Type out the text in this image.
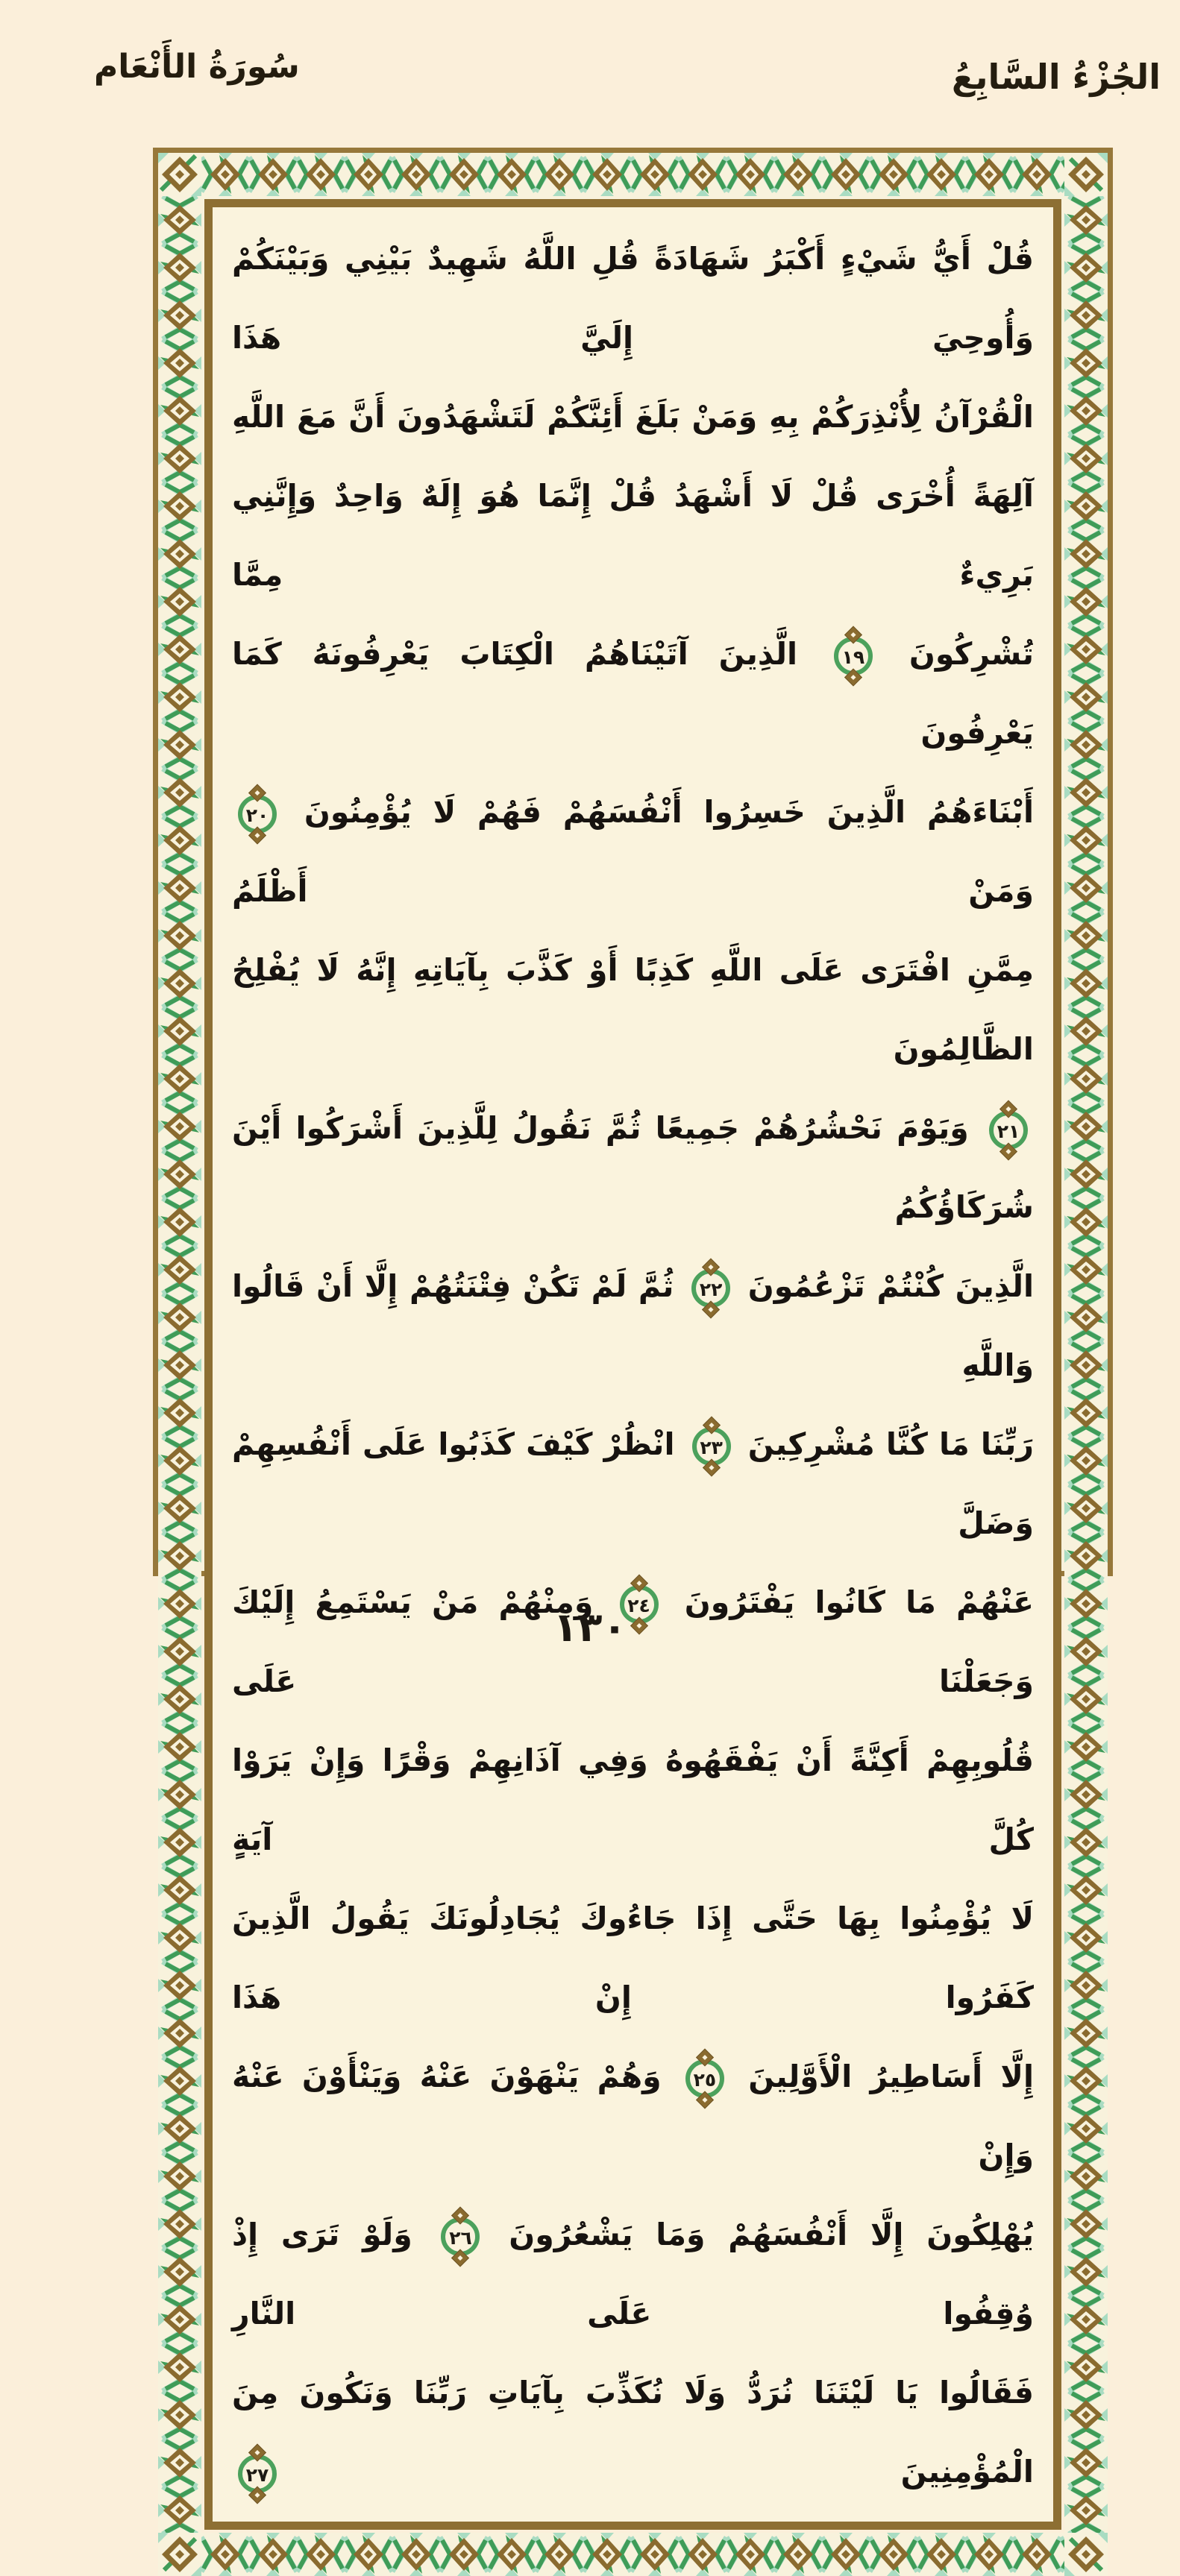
سُورَةُ الأَنْعَام	الجُزْءُ السَّابِعُ
قُلْ أَيُّ شَيْءٍ أَكْبَرُ شَهَادَةً قُلِ اللَّهُ شَهِيدٌ بَيْنِي وَبَيْنَكُمْ وَأُوحِيَ إِلَيَّ هَذَا
الْقُرْآنُ لِأُنْذِرَكُمْ بِهِ وَمَنْ بَلَغَ أَئِنَّكُمْ لَتَشْهَدُونَ أَنَّ مَعَ اللَّهِ
آلِهَةً أُخْرَى قُلْ لَا أَشْهَدُ قُلْ إِنَّمَا هُوَ إِلَهٌ وَاحِدٌ وَإِنَّنِي بَرِيءٌ مِمَّا
تُشْرِكُونَ
١٩
الَّذِينَ آتَيْنَاهُمُ الْكِتَابَ يَعْرِفُونَهُ كَمَا يَعْرِفُونَ
أَبْنَاءَهُمُ الَّذِينَ خَسِرُوا أَنْفُسَهُمْ فَهُمْ لَا يُؤْمِنُونَ
٢٠
وَمَنْ أَظْلَمُ
مِمَّنِ افْتَرَى عَلَى اللَّهِ كَذِبًا أَوْ كَذَّبَ بِآيَاتِهِ إِنَّهُ لَا يُفْلِحُ الظَّالِمُونَ
٢١
وَيَوْمَ نَحْشُرُهُمْ جَمِيعًا ثُمَّ نَقُولُ لِلَّذِينَ أَشْرَكُوا أَيْنَ شُرَكَاؤُكُمُ
الَّذِينَ كُنْتُمْ تَزْعُمُونَ
٢٢
ثُمَّ لَمْ تَكُنْ فِتْنَتُهُمْ إِلَّا أَنْ قَالُوا وَاللَّهِ
رَبِّنَا مَا كُنَّا مُشْرِكِينَ
٢٣
انْظُرْ كَيْفَ كَذَبُوا عَلَى أَنْفُسِهِمْ وَضَلَّ
عَنْهُمْ مَا كَانُوا يَفْتَرُونَ
٢٤
وَمِنْهُمْ مَنْ يَسْتَمِعُ إِلَيْكَ وَجَعَلْنَا عَلَى
قُلُوبِهِمْ أَكِنَّةً أَنْ يَفْقَهُوهُ وَفِي آذَانِهِمْ وَقْرًا وَإِنْ يَرَوْا كُلَّ آيَةٍ
لَا يُؤْمِنُوا بِهَا حَتَّى إِذَا جَاءُوكَ يُجَادِلُونَكَ يَقُولُ الَّذِينَ كَفَرُوا إِنْ هَذَا
إِلَّا أَسَاطِيرُ الْأَوَّلِينَ
٢٥
وَهُمْ يَنْهَوْنَ عَنْهُ وَيَنْأَوْنَ عَنْهُ وَإِنْ
يُهْلِكُونَ إِلَّا أَنْفُسَهُمْ وَمَا يَشْعُرُونَ
٢٦
وَلَوْ تَرَى إِذْ وُقِفُوا عَلَى النَّارِ
فَقَالُوا يَا لَيْتَنَا نُرَدُّ وَلَا نُكَذِّبَ بِآيَاتِ رَبِّنَا وَنَكُونَ مِنَ الْمُؤْمِنِينَ
٢٧
١٣٠
